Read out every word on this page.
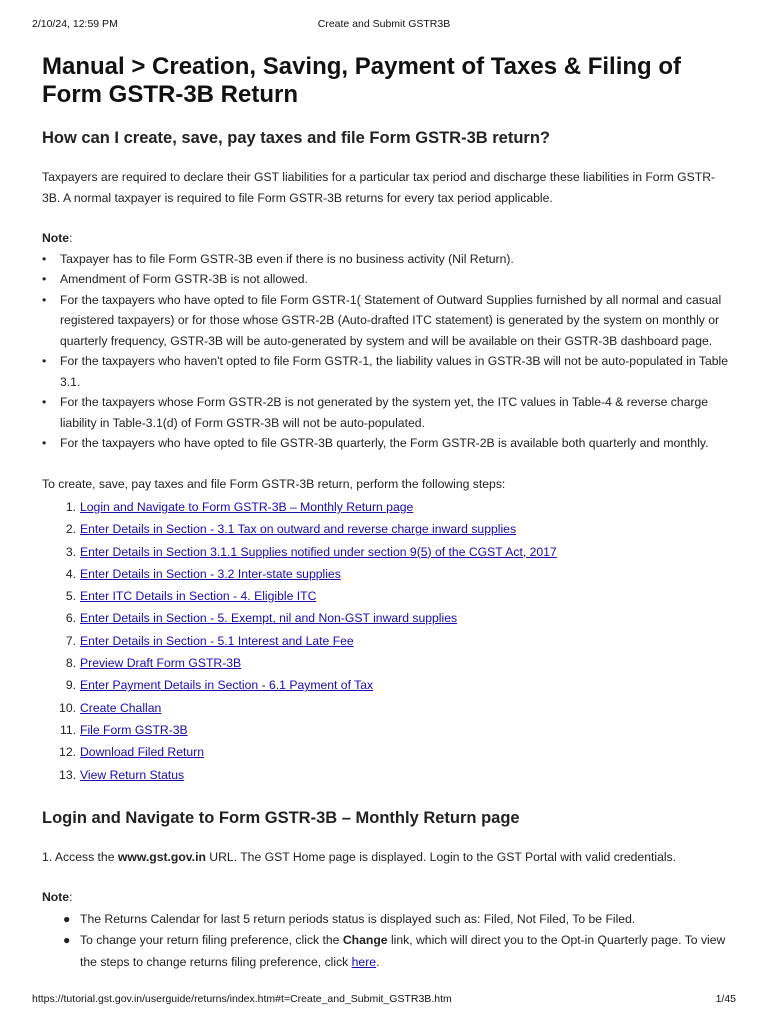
2/10/24, 12:59 PM	Create and Submit GSTR3B
Manual > Creation, Saving, Payment of Taxes & Filing of Form GSTR-3B Return
How can I create, save, pay taxes and file Form GSTR-3B return?

Taxpayers are required to declare their GST liabilities for a particular tax period and discharge these liabilities in Form GSTR-3B. A normal taxpayer is required to file Form GSTR-3B returns for every tax period applicable.

Note:

• Taxpayer has to file Form GSTR-3B even if there is no business activity (Nil Return).
• Amendment of Form GSTR-3B is not allowed.
• For the taxpayers who have opted to file Form GSTR-1( Statement of Outward Supplies furnished by all normal and casual registered taxpayers) or for those whose GSTR-2B (Auto-drafted ITC statement) is generated by the system on monthly or quarterly frequency, GSTR-3B will be auto-generated by system and will be available on their GSTR-3B dashboard page.
• For the taxpayers who haven't opted to file Form GSTR-1, the liability values in GSTR-3B will not be auto-populated in Table 3.1.
• For the taxpayers whose Form GSTR-2B is not generated by the system yet, the ITC values in Table-4 & reverse charge liability in Table-3.1(d) of Form GSTR-3B will not be auto-populated.
• For the taxpayers who have opted to file GSTR-3B quarterly, the Form GSTR-2B is available both quarterly and monthly.

To create, save, pay taxes and file Form GSTR-3B return, perform the following steps:

1. Login and Navigate to Form GSTR-3B – Monthly Return page
2. Enter Details in Section - 3.1 Tax on outward and reverse charge inward supplies
3. Enter Details in Section 3.1.1 Supplies notified under section 9(5) of the CGST Act, 2017
4. Enter Details in Section - 3.2 Inter-state supplies
5. Enter ITC Details in Section - 4. Eligible ITC
6. Enter Details in Section - 5. Exempt, nil and Non-GST inward supplies
7. Enter Details in Section - 5.1 Interest and Late Fee
8. Preview Draft Form GSTR-3B
9. Enter Payment Details in Section - 6.1 Payment of Tax
10. Create Challan
11. File Form GSTR-3B
12. Download Filed Return
13. View Return Status
Login and Navigate to Form GSTR-3B – Monthly Return page

1. Access the www.gst.gov.in URL. The GST Home page is displayed. Login to the GST Portal with valid credentials.

Note:

● The Returns Calendar for last 5 return periods status is displayed such as: Filed, Not Filed, To be Filed.
● To change your return filing preference, click the Change link, which will direct you to the Opt-in Quarterly page. To view the steps to change returns filing preference, click here.
https://tutorial.gst.gov.in/userguide/returns/index.htm#t=Create_and_Submit_GSTR3B.htm	1/45
